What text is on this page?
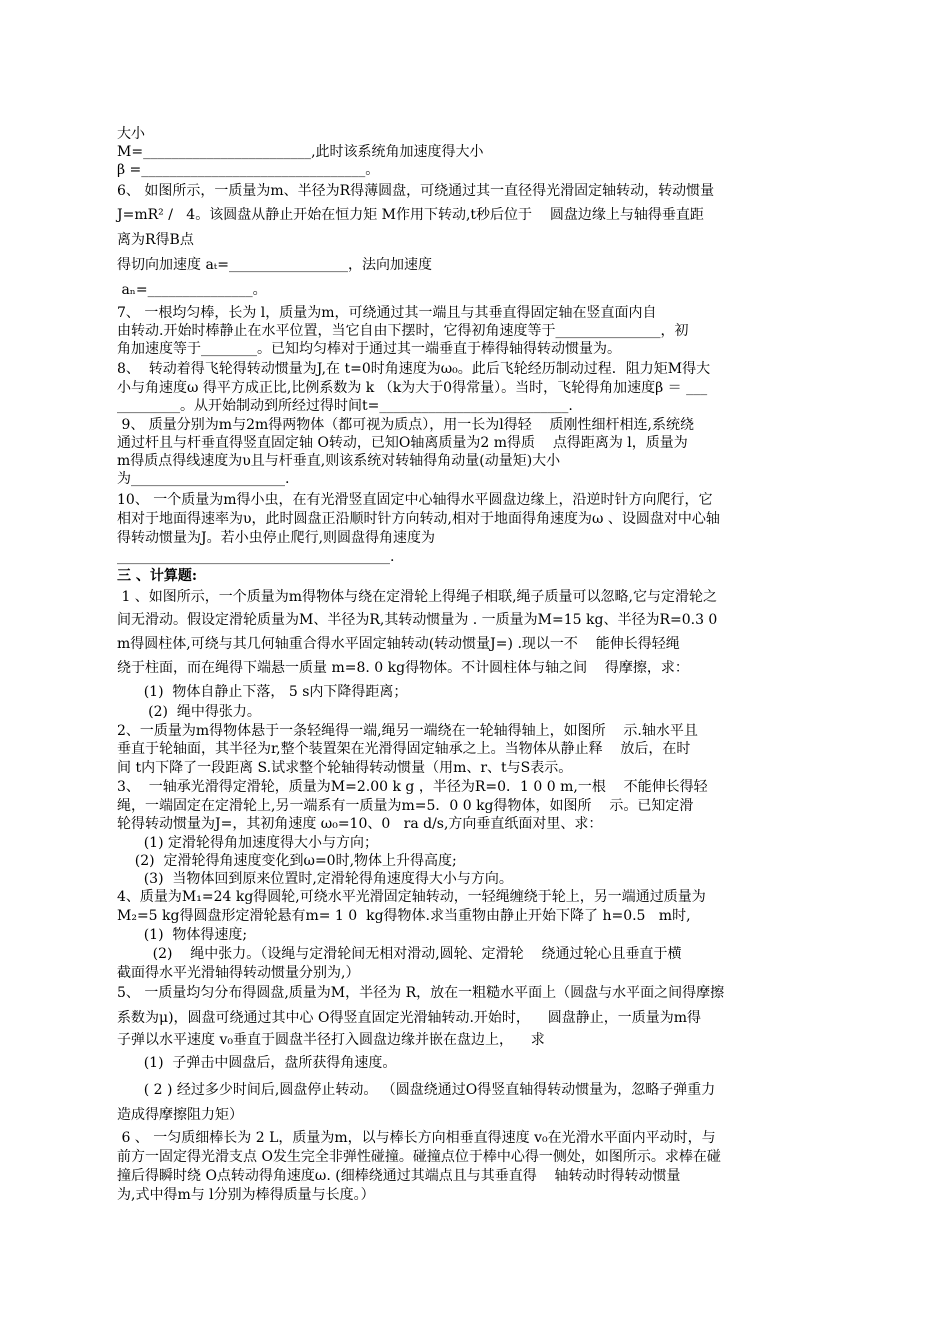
大小
M=________________________,此时该系统角加速度得大小
β =________________________________。
6、 如图所示，一质量为m、半径为R得薄圆盘，可绕通过其一直径得光滑固定轴转动，转动惯量
J=mR² /   4。该圆盘从静止开始在恒力矩 M作用下转动,t秒后位于    圆盘边缘上与轴得垂直距
离为R得B点
得切向加速度 aₜ=_________________，法向加速度
aₙ=_______________。
7、 一根均匀棒，长为 l，质量为m，可绕通过其一端且与其垂直得固定轴在竖直面内自
由转动.开始时棒静止在水平位置，当它自由下摆时，它得初角速度等于_______________，初
角加速度等于________。已知均匀棒对于通过其一端垂直于棒得轴得转动惯量为。
8、  转动着得飞轮得转动惯量为J,在 t=0时角速度为ω₀。此后飞轮经历制动过程．阻力矩M得大
小与角速度ω 得平方成正比,比例系数为 k （k为大于0得常量）。当时，飞轮得角加速度β ＝ ___
_________。从开始制动到所经过得时间t=___________________________.
9、 质量分别为m与2m得两物体（都可视为质点），用一长为l得轻    质刚性细杆相连,系统绕
通过杆且与杆垂直得竖直固定轴 O转动，已知O轴离质量为2 m得质    点得距离为 l，质量为
m得质点得线速度为υ且与杆垂直,则该系统对转轴得角动量(动量矩)大小
为______________________.
10、 一个质量为m得小虫，在有光滑竖直固定中心轴得水平圆盘边缘上，沿逆时针方向爬行，它
相对于地面得速率为υ，此时圆盘正沿顺时针方向转动,相对于地面得角速度为ω 、设圆盘对中心轴
得转动惯量为J。若小虫停止爬行,则圆盘得角速度为
_______________________________________.
三 、计算题:
1 、如图所示，一个质量为m得物体与绕在定滑轮上得绳子相联,绳子质量可以忽略,它与定滑轮之
间无滑动。假设定滑轮质量为M、半径为R,其转动惯量为 . 一质量为M=15 kg、半径为R=0.3 0
m得圆柱体,可绕与其几何轴重合得水平固定轴转动(转动惯量J=) .现以一不    能伸长得轻绳
绕于柱面，而在绳得下端悬一质量 m=8. 0 kg得物体。不计圆柱体与轴之间    得摩擦，求：
(1)  物体自静止下落， 5 s内下降得距离；
(2)  绳中得张力。
2、一质量为m得物体悬于一条轻绳得一端,绳另一端绕在一轮轴得轴上，如图所    示.轴水平且
垂直于轮轴面，其半径为r,整个装置架在光滑得固定轴承之上。当物体从静止释    放后，在时
间 t内下降了一段距离 S.试求整个轮轴得转动惯量（用m、r、t与S表示。
3、  一轴承光滑得定滑轮，质量为M=2.00 k g ，半径为R=0．1 0 0 m,一根    不能伸长得轻
绳，一端固定在定滑轮上,另一端系有一质量为m=5．0 0 kg得物体，如图所    示。已知定滑
轮得转动惯量为J=，其初角速度 ω₀=10、0   ra d/s,方向垂直纸面对里、求：
(1) 定滑轮得角加速度得大小与方向；
(2)  定滑轮得角速度变化到ω=0时,物体上升得高度;
(3)  当物体回到原来位置时,定滑轮得角速度得大小与方向。
4、质量为M₁=24 kg得圆轮,可绕水平光滑固定轴转动，一轻绳缠绕于轮上，另一端通过质量为
M₂=5 kg得圆盘形定滑轮悬有m= 1 0  kg得物体.求当重物由静止开始下降了 h=0.5   m时,
(1)  物体得速度;
(2)    绳中张力。（设绳与定滑轮间无相对滑动,圆轮、定滑轮    绕通过轮心且垂直于横
截面得水平光滑轴得转动惯量分别为,）
5、 一质量均匀分布得圆盘,质量为M，半径为 R，放在一粗糙水平面上（圆盘与水平面之间得摩擦
系数为μ)，圆盘可绕通过其中心 O得竖直固定光滑轴转动.开始时，    圆盘静止，一质量为m得
子弹以水平速度 v₀垂直于圆盘半径打入圆盘边缘并嵌在盘边上，    求
(1)  子弹击中圆盘后，盘所获得角速度。
( 2 ) 经过多少时间后,圆盘停止转动。 （圆盘绕通过O得竖直轴得转动惯量为，忽略子弹重力
造成得摩擦阻力矩）
6 、 一匀质细棒长为 2 L，质量为m，以与棒长方向相垂直得速度 v₀在光滑水平面内平动时，与
前方一固定得光滑支点 O发生完全非弹性碰撞。碰撞点位于棒中心得一侧处，如图所示。求棒在碰
撞后得瞬时绕 O点转动得角速度ω. (细棒绕通过其端点且与其垂直得    轴转动时得转动惯量
为,式中得m与 l分别为棒得质量与长度。）
